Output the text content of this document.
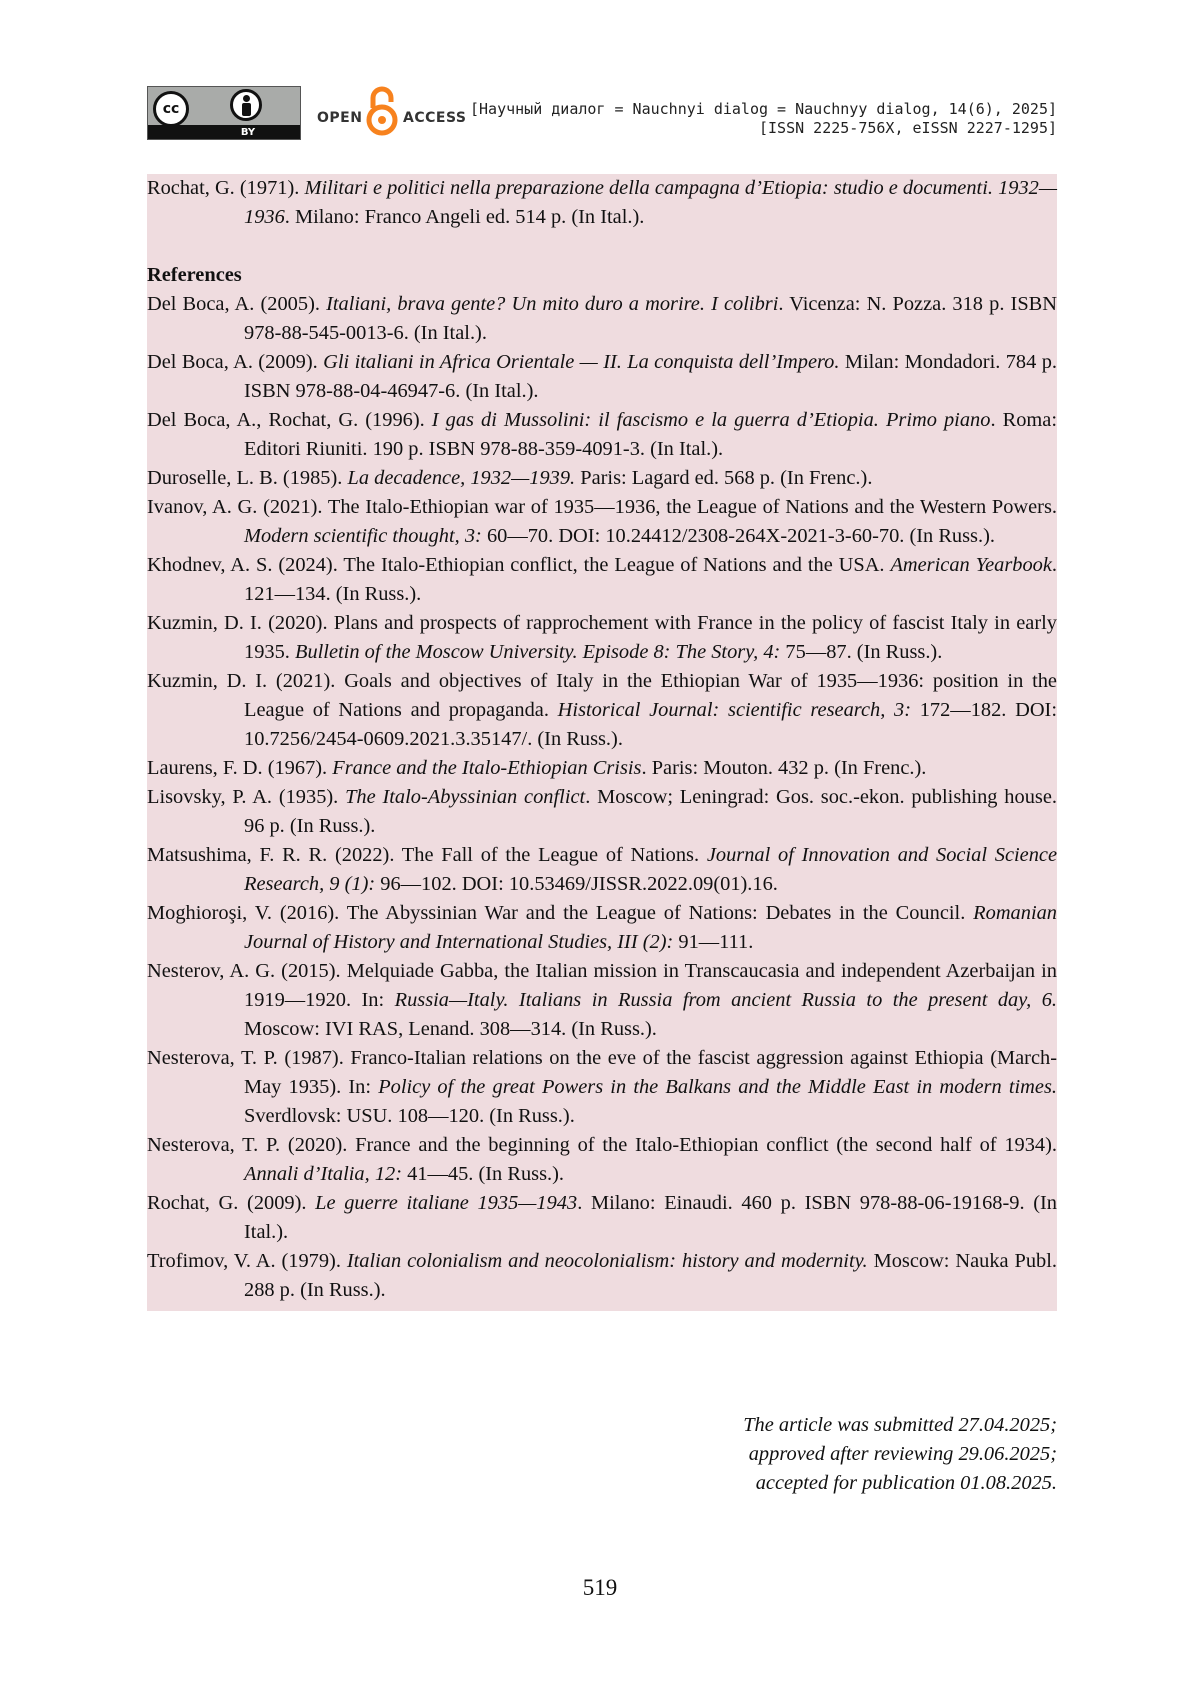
cc
BY
OPEN	ACCESS [Научный диалог = Nauchnyi dialog = Nauchnyy dialog, 14(6), 2025]
[ISSN 2225-756X, eISSN 2227-1295]

Rochat, G. (1971). Militari e politici nella preparazione della campagna d’Etiopia: studio e documenti. 1932—1936. Milano: Franco Angeli ed. 514 p. (In Ital.).

References

Del Boca, A. (2005). Italiani, brava gente? Un mito duro a morire. I colibri. Vicenza: N. Pozza. 318 p. ISBN 978-88-545-0013-6. (In Ital.).

Del Boca, A. (2009). Gli italiani in Africa Orientale — II. La conquista dell’Impero. Milan: Mondadori. 784 p. ISBN 978-88-04-46947-6. (In Ital.).

Del Boca, A., Rochat, G. (1996). I gas di Mussolini: il fascismo e la guerra d’Etiopia. Primo piano. Roma: Editori Riuniti. 190 p. ISBN 978-88-359-4091-3. (In Ital.).

Duroselle, L. B. (1985). La decadence, 1932—1939. Paris: Lagard ed. 568 p. (In Frenc.).

Ivanov, A. G. (2021). The Italo-Ethiopian war of 1935—1936, the League of Nations and the Western Powers. Modern scientific thought, 3: 60—70. DOI: 10.24412/2308-264X-2021-3-60-70. (In Russ.).

Khodnev, A. S. (2024). The Italo-Ethiopian conflict, the League of Nations and the USA. American Yearbook. 121—134. (In Russ.).

Kuzmin, D. I. (2020). Plans and prospects of rapprochement with France in the policy of fascist Italy in early 1935. Bulletin of the Moscow University. Episode 8: The Story, 4: 75—87. (In Russ.).

Kuzmin, D. I. (2021). Goals and objectives of Italy in the Ethiopian War of 1935—1936: position in the League of Nations and propaganda. Historical Journal: scientific research, 3: 172—182. DOI: 10.7256/2454-0609.2021.3.35147/. (In Russ.).

Laurens, F. D. (1967). France and the Italo-Ethiopian Crisis. Paris: Mouton. 432 p. (In Frenc.).

Lisovsky, P. A. (1935). The Italo-Abyssinian conflict. Moscow; Leningrad: Gos. soc.-ekon. publishing house. 96 p. (In Russ.).

Matsushima, F. R. R. (2022). The Fall of the League of Nations. Journal of Innovation and Social Science Research, 9 (1): 96—102. DOI: 10.53469/JISSR.2022.09(01).16.

Moghioroşi, V. (2016). The Abyssinian War and the League of Nations: Debates in the Council. Romanian Journal of History and International Studies, III (2): 91—111.

Nesterov, A. G. (2015). Melquiade Gabba, the Italian mission in Transcaucasia and independent Azerbaijan in 1919—1920. In: Russia—Italy. Italians in Russia from ancient Russia to the present day, 6. Moscow: IVI RAS, Lenand. 308—314. (In Russ.).

Nesterova, T. P. (1987). Franco-Italian relations on the eve of the fascist aggression against Ethiopia (March-May 1935). In: Policy of the great Powers in the Balkans and the Middle East in modern times. Sverdlovsk: USU. 108—120. (In Russ.).

Nesterova, T. P. (2020). France and the beginning of the Italo-Ethiopian conflict (the second half of 1934). Annali d’Italia, 12: 41—45. (In Russ.).

Rochat, G. (2009). Le guerre italiane 1935—1943. Milano: Einaudi. 460 p. ISBN 978-88-06-19168-9. (In Ital.).

Trofimov, V. A. (1979). Italian colonialism and neocolonialism: history and modernity. Moscow: Nauka Publ. 288 p. (In Russ.).

The article was submitted 27.04.2025;
approved after reviewing 29.06.2025;
accepted for publication 01.08.2025.
519
